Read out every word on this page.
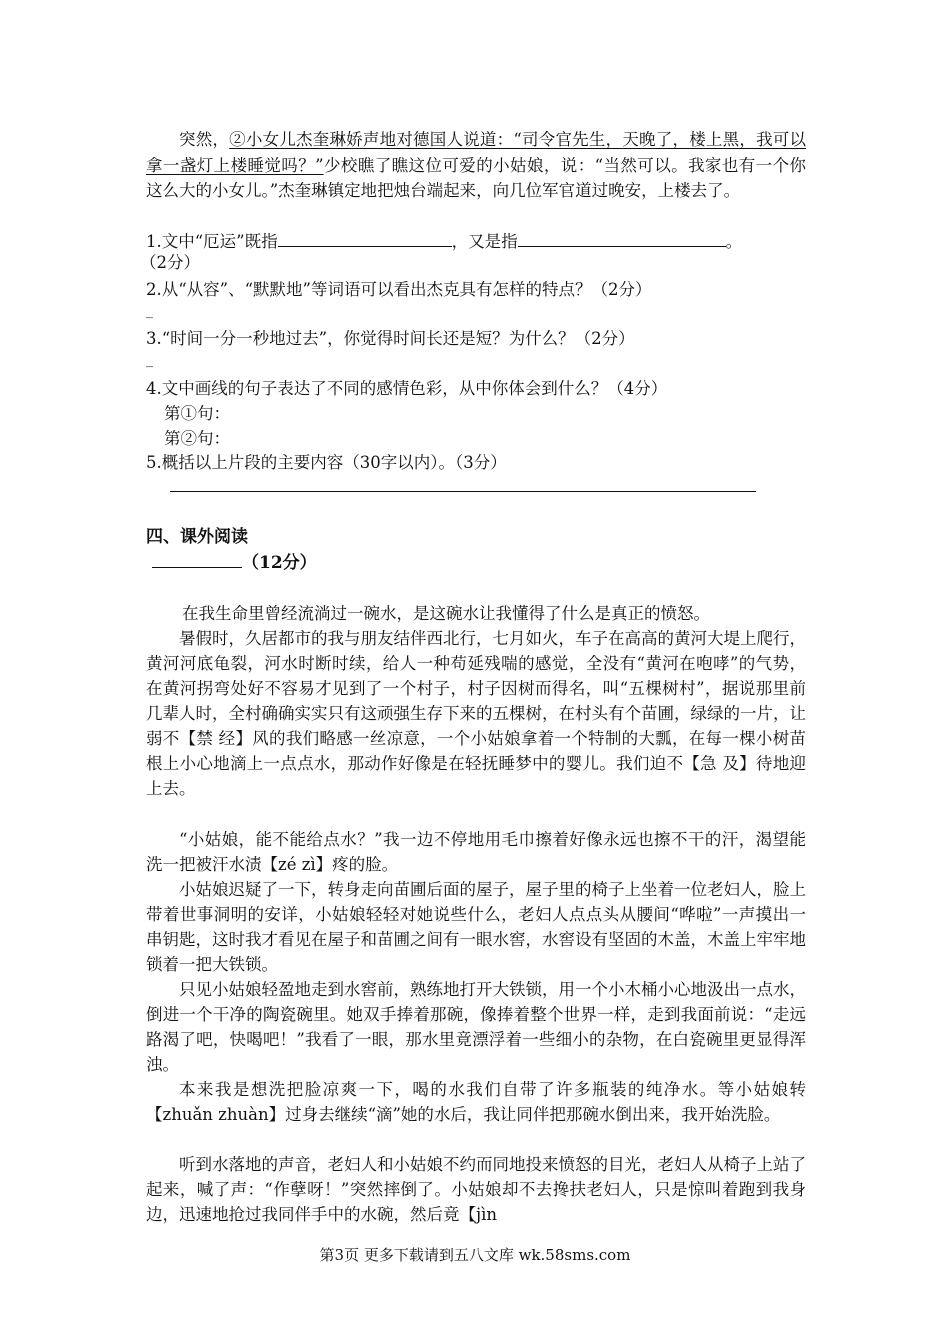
突然，②小女儿杰奎琳娇声地对德国人说道：“司令官先生，天晚了，楼上黑，我可以拿一盏灯上楼睡觉吗？”少校瞧了瞧这位可爱的小姑娘，说：“当然可以。我家也有一个你这么大的小女儿。”杰奎琳镇定地把烛台端起来，向几位军官道过晚安，上楼去了。
1.文中“厄运”既指	，又是指	。
（2分）
2.从“从容”、“默默地”等词语可以看出杰克具有怎样的特点？（2分）
_
3.“时间一分一秒地过去”，你觉得时间长还是短？为什么？（2分）
_
4.文中画线的句子表达了不同的感情色彩，从中你体会到什么？（4分）
第①句：
第②句：
5.概括以上片段的主要内容（30字以内）。（3分）
四、课外阅读
（12分）
在我生命里曾经流淌过一碗水，是这碗水让我懂得了什么是真正的愤怒。
暑假时，久居都市的我与朋友结伴西北行，七月如火，车子在高高的黄河大堤上爬行，黄河河底龟裂，河水时断时续，给人一种苟延残喘的感觉，全没有“黄河在咆哮”的气势，在黄河拐弯处好不容易才见到了一个村子，村子因树而得名，叫“五棵树村”，据说那里前几辈人时，全村确确实实只有这顽强生存下来的五棵树，在村头有个苗圃，绿绿的一片，让弱不【禁 经】风的我们略感一丝凉意，一个小姑娘拿着一个特制的大瓢，在每一棵小树苗根上小心地滴上一点点水，那动作好像是在轻抚睡梦中的婴儿。我们迫不【急 及】待地迎上去。
“小姑娘，能不能给点水？”我一边不停地用毛巾擦着好像永远也擦不干的汗，渴望能洗一把被汗水渍【zé zì】疼的脸。
小姑娘迟疑了一下，转身走向苗圃后面的屋子，屋子里的椅子上坐着一位老妇人，脸上带着世事洞明的安详，小姑娘轻轻对她说些什么，老妇人点点头从腰间“哗啦”一声摸出一串钥匙，这时我才看见在屋子和苗圃之间有一眼水窖，水窖设有坚固的木盖，木盖上牢牢地锁着一把大铁锁。
只见小姑娘轻盈地走到水窖前，熟练地打开大铁锁，用一个小木桶小心地汲出一点水，倒进一个干净的陶瓷碗里。她双手捧着那碗，像捧着整个世界一样，走到我面前说：“走远路渴了吧，快喝吧！”我看了一眼，那水里竟漂浮着一些细小的杂物，在白瓷碗里更显得浑浊。
本来我是想洗把脸凉爽一下，喝的水我们自带了许多瓶装的纯净水。等小姑娘转【zhuǎn zhuàn】过身去继续“滴”她的水后，我让同伴把那碗水倒出来，我开始洗脸。
听到水落地的声音，老妇人和小姑娘不约而同地投来愤怒的目光，老妇人从椅子上站了起来，喊了声：“作孽呀！”突然摔倒了。小姑娘却不去搀扶老妇人，只是惊叫着跑到我身边，迅速地抢过我同伴手中的水碗，然后竟【jìn
第3页 更多下载请到五八文库 wk.58sms.com
